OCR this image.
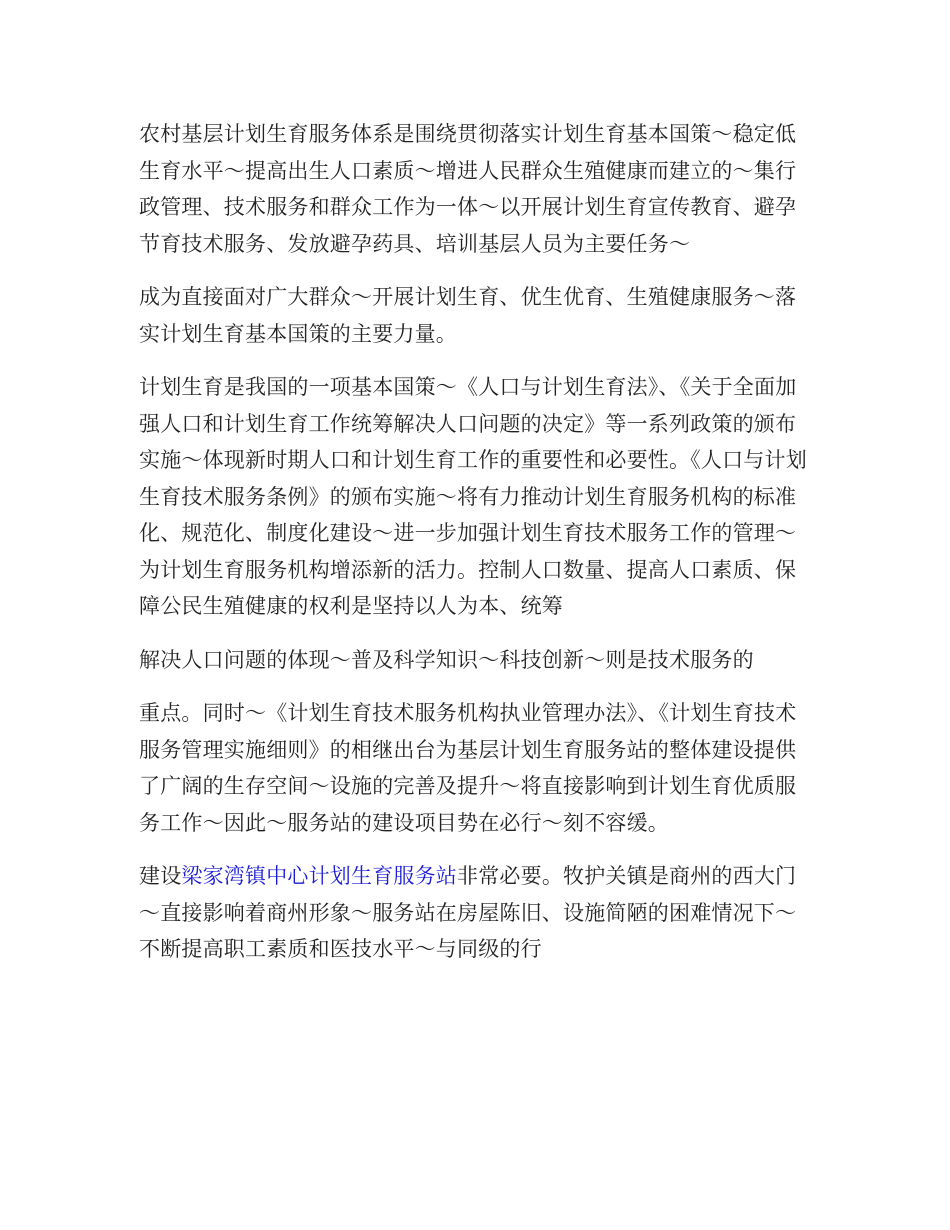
农村基层计划生育服务体系是围绕贯彻落实计划生育基本国策～稳定低生育水平～提高出生人口素质～增进人民群众生殖健康而建立的～集行政管理、技术服务和群众工作为一体～以开展计划生育宣传教育、避孕节育技术服务、发放避孕药具、培训基层人员为主要任务～

成为直接面对广大群众～开展计划生育、优生优育、生殖健康服务～落实计划生育基本国策的主要力量。

计划生育是我国的一项基本国策～《人口与计划生育法》、《关于全面加强人口和计划生育工作统筹解决人口问题的决定》等一系列政策的颁布实施～体现新时期人口和计划生育工作的重要性和必要性。《人口与计划生育技术服务条例》的颁布实施～将有力推动计划生育服务机构的标准化、规范化、制度化建设～进一步加强计划生育技术服务工作的管理～为计划生育服务机构增添新的活力。控制人口数量、提高人口素质、保障公民生殖健康的权利是坚持以人为本、统筹

解决人口问题的体现～普及科学知识～科技创新～则是技术服务的

重点。同时～《计划生育技术服务机构执业管理办法》、《计划生育技术服务管理实施细则》的相继出台为基层计划生育服务站的整体建设提供了广阔的生存空间～设施的完善及提升～将直接影响到计划生育优质服务工作～因此～服务站的建设项目势在必行～刻不容缓。

建设梁家湾镇中心计划生育服务站非常必要。牧护关镇是商州的西大门～直接影响着商州形象～服务站在房屋陈旧、设施简陋的困难情况下～不断提高职工素质和医技水平～与同级的行
